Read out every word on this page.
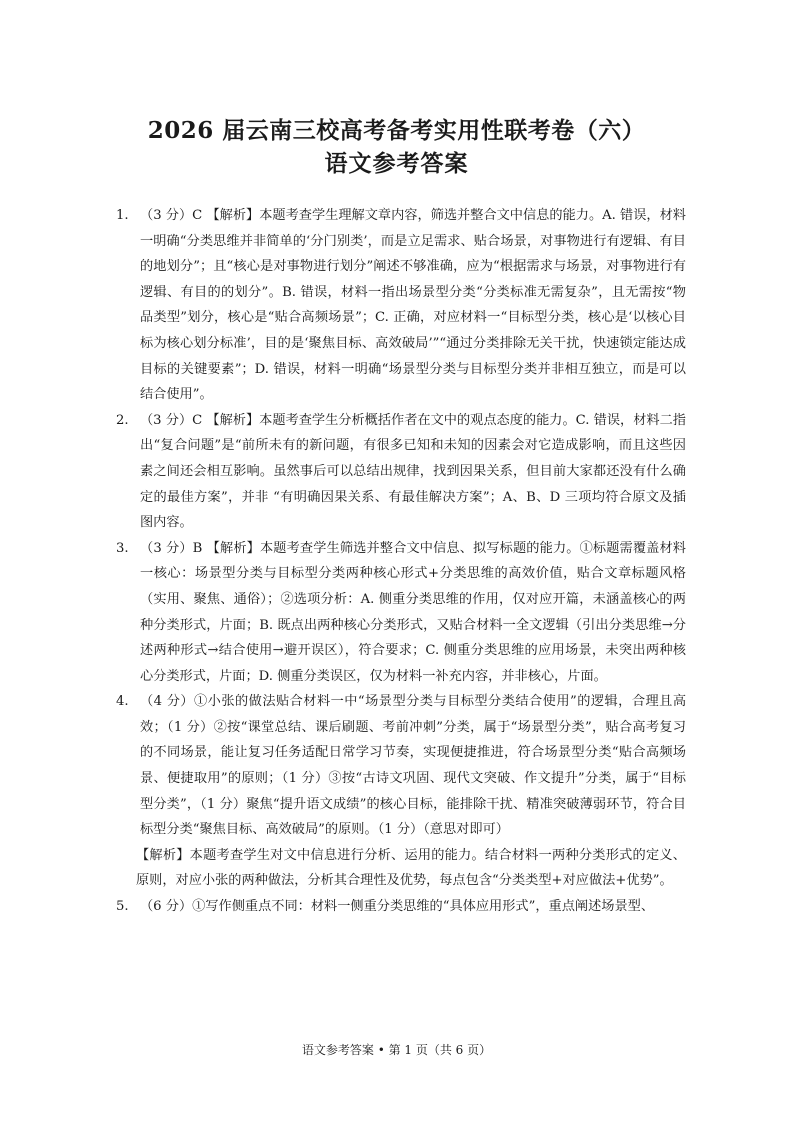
2026 届云南三校高考备考实用性联考卷（六）
语文参考答案
1. （3 分）C 【解析】本题考查学生理解文章内容，筛选并整合文中信息的能力。A. 错误，材料一明确“分类思维并非简单的‘分门别类’，而是立足需求、贴合场景，对事物进行有逻辑、有目的地划分”；且“核心是对事物进行划分”阐述不够准确，应为“根据需求与场景，对事物进行有逻辑、有目的的划分”。B. 错误，材料一指出场景型分类“分类标准无需复杂”，且无需按“物品类型”划分，核心是“贴合高频场景”；C. 正确，对应材料一“目标型分类，核心是‘以核心目标为核心划分标准’，目的是‘聚焦目标、高效破局’”“通过分类排除无关干扰，快速锁定能达成目标的关键要素”；D. 错误，材料一明确“场景型分类与目标型分类并非相互独立，而是可以结合使用”。
2. （3 分）C 【解析】本题考查学生分析概括作者在文中的观点态度的能力。C. 错误，材料二指出“复合问题”是“前所未有的新问题，有很多已知和未知的因素会对它造成影响，而且这些因素之间还会相互影响。虽然事后可以总结出规律，找到因果关系，但目前大家都还没有什么确定的最佳方案”，并非 “有明确因果关系、有最佳解决方案”；A、B、D 三项均符合原文及插图内容。
3. （3 分）B 【解析】本题考查学生筛选并整合文中信息、拟写标题的能力。①标题需覆盖材料一核心：场景型分类与目标型分类两种核心形式+分类思维的高效价值，贴合文章标题风格（实用、聚焦、通俗）；②选项分析：A. 侧重分类思维的作用，仅对应开篇，未涵盖核心的两种分类形式，片面；B. 既点出两种核心分类形式，又贴合材料一全文逻辑（引出分类思维→分述两种形式→结合使用→避开误区），符合要求；C. 侧重分类思维的应用场景，未突出两种核心分类形式，片面；D. 侧重分类误区，仅为材料一补充内容，并非核心，片面。
4. （4 分）①小张的做法贴合材料一中“场景型分类与目标型分类结合使用”的逻辑，合理且高效；（1 分）②按“课堂总结、课后刷题、考前冲刺”分类，属于“场景型分类”，贴合高考复习的不同场景，能让复习任务适配日常学习节奏，实现便捷推进，符合场景型分类“贴合高频场景、便捷取用”的原则；（1 分）③按“古诗文巩固、现代文突破、作文提升”分类，属于“目标型分类”，（1 分）聚焦“提升语文成绩”的核心目标，能排除干扰、精准突破薄弱环节，符合目标型分类“聚焦目标、高效破局”的原则。（1 分）（意思对即可）
【解析】本题考查学生对文中信息进行分析、运用的能力。结合材料一两种分类形式的定义、原则，对应小张的两种做法，分析其合理性及优势，每点包含“分类类型+对应做法+优势”。
5. （6 分）①写作侧重点不同：材料一侧重分类思维的“具体应用形式”，重点阐述场景型、
语文参考答案 • 第 1 页（共 6 页）
